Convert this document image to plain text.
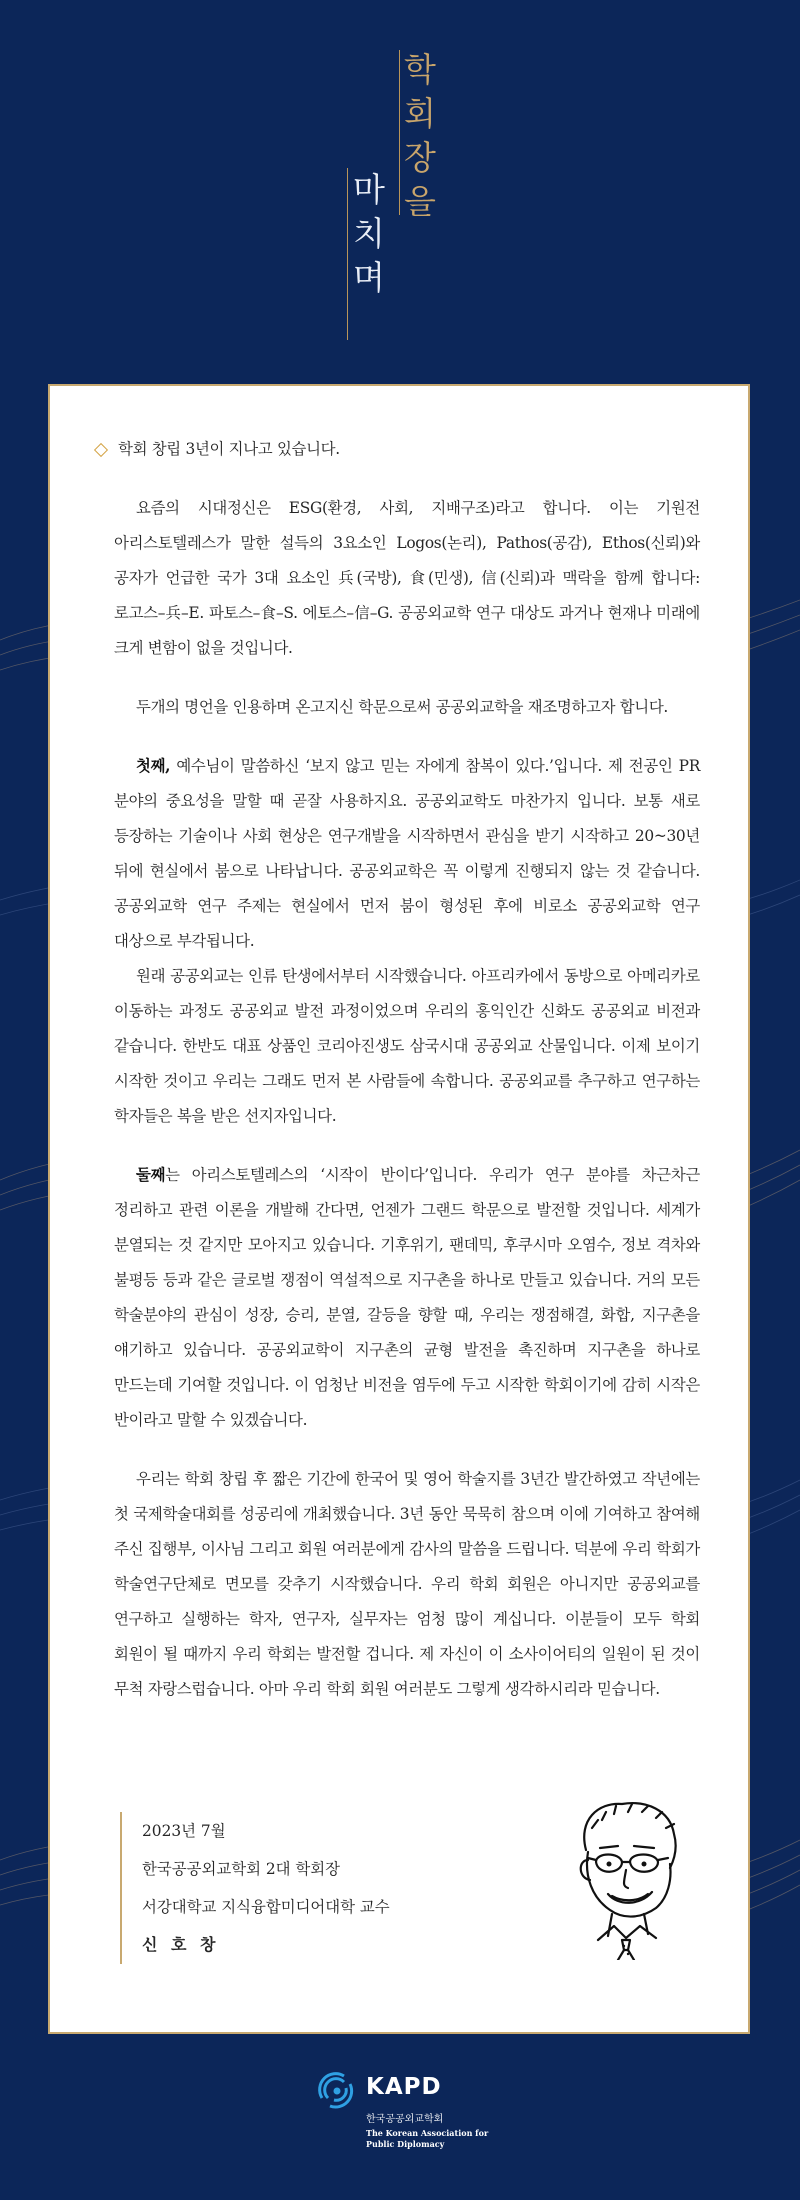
학
회
장
을
마
치
며

학회 창립 3년이 지나고 있습니다.

요즘의 시대정신은 ESG(환경, 사회, 지배구조)라고 합니다. 이는 기원전 아리스토텔레스가 말한 설득의 3요소인 Logos(논리), Pathos(공감), Ethos(신뢰)와 공자가 언급한 국가 3대 요소인 兵(국방), 食(민생), 信(신뢰)과 맥락을 함께 합니다: 로고스–兵–E. 파토스–食–S. 에토스–信–G. 공공외교학 연구 대상도 과거나 현재나 미래에 크게 변함이 없을 것입니다.

두개의 명언을 인용하며 온고지신 학문으로써 공공외교학을 재조명하고자 합니다.

첫째, 예수님이 말씀하신 ‘보지 않고 믿는 자에게 참복이 있다.’입니다. 제 전공인 PR 분야의 중요성을 말할 때 곧잘 사용하지요. 공공외교학도 마찬가지 입니다. 보통 새로 등장하는 기술이나 사회 현상은 연구개발을 시작하면서 관심을 받기 시작하고 20~30년 뒤에 현실에서 붐으로 나타납니다. 공공외교학은 꼭 이렇게 진행되지 않는 것 같습니다. 공공외교학 연구 주제는 현실에서 먼저 붐이 형성된 후에 비로소 공공외교학 연구 대상으로 부각됩니다.

원래 공공외교는 인류 탄생에서부터 시작했습니다. 아프리카에서 동방으로 아메리카로 이동하는 과정도 공공외교 발전 과정이었으며 우리의 홍익인간 신화도 공공외교 비전과 같습니다. 한반도 대표 상품인 코리아진생도 삼국시대 공공외교 산물입니다. 이제 보이기 시작한 것이고 우리는 그래도 먼저 본 사람들에 속합니다. 공공외교를 추구하고 연구하는 학자들은 복을 받은 선지자입니다.

둘째는 아리스토텔레스의 ‘시작이 반이다’입니다. 우리가 연구 분야를 차근차근 정리하고 관련 이론을 개발해 간다면, 언젠가 그랜드 학문으로 발전할 것입니다. 세계가 분열되는 것 같지만 모아지고 있습니다. 기후위기, 팬데믹, 후쿠시마 오염수, 정보 격차와 불평등 등과 같은 글로벌 쟁점이 역설적으로 지구촌을 하나로 만들고 있습니다. 거의 모든 학술분야의 관심이 성장, 승리, 분열, 갈등을 향할 때, 우리는 쟁점해결, 화합, 지구촌을 얘기하고 있습니다. 공공외교학이 지구촌의 균형 발전을 촉진하며 지구촌을 하나로 만드는데 기여할 것입니다. 이 엄청난 비전을 염두에 두고 시작한 학회이기에 감히 시작은 반이라고 말할 수 있겠습니다.

우리는 학회 창립 후 짧은 기간에 한국어 및 영어 학술지를 3년간 발간하였고 작년에는 첫 국제학술대회를 성공리에 개최했습니다. 3년 동안 묵묵히 참으며 이에 기여하고 참여해 주신 집행부, 이사님 그리고 회원 여러분에게 감사의 말씀을 드립니다. 덕분에 우리 학회가 학술연구단체로 면모를 갖추기 시작했습니다. 우리 학회 회원은 아니지만 공공외교를 연구하고 실행하는 학자, 연구자, 실무자는 엄청 많이 계십니다. 이분들이 모두 학회 회원이 될 때까지 우리 학회는 발전할 겁니다. 제 자신이 이 소사이어티의 일원이 된 것이 무척 자랑스럽습니다. 아마 우리 학회 회원 여러분도 그렇게 생각하시리라 믿습니다.

2023년 7월
한국공공외교학회 2대 학회장
서강대학교 지식융합미디어대학 교수
신 호 창
KAPD
한국공공외교학회
The Korean Association for
Public Diplomacy
